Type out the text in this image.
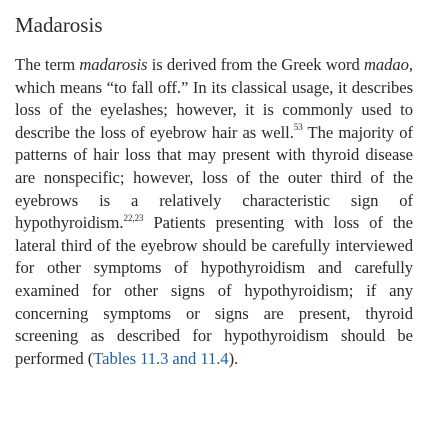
Madarosis

The term madarosis is derived from the Greek word madao, which means “to fall off.” In its classical usage, it describes loss of the eyelashes; however, it is commonly used to describe the loss of eyebrow hair as well.$^{53}$ The majority of patterns of hair loss that may present with thyroid disease are nonspecific; however, loss of the outer third of the eyebrows is a relatively characteristic sign of hypothyroidism.$^{22,23}$ Patients presenting with loss of the lateral third of the eyebrow should be carefully interviewed for other symptoms of hypothyroidism and carefully examined for other signs of hypothyroidism; if any concerning symptoms or signs are present, thyroid screening as described for hypothyroidism should be performed (Tables 11.3 and 11.4).
